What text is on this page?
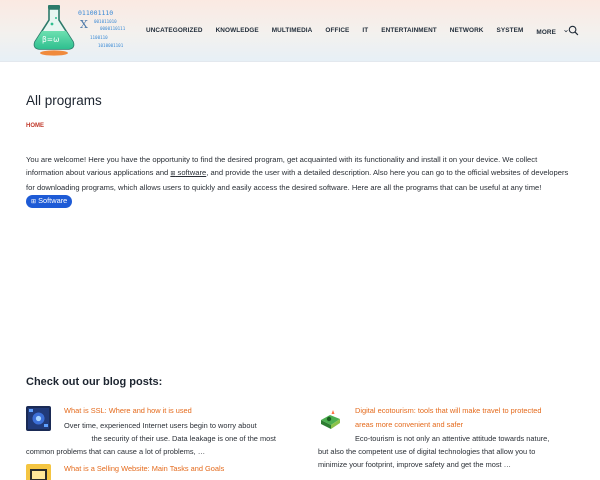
β=ω
X
011001110
001011010
0000110111
1100110
1010001101
UNCATEGORIZED KNOWLEDGE MULTIMEDIA OFFICE IT ENTERTAINMENT NETWORK SYSTEM MORE
All programs
HOME

You are welcome! Here you have the opportunity to find the desired program, get acquainted with its functionality and install it on your device. We collect information about various applications and ⊞ software, and provide the user with a detailed description. Also here you can go to the official websites of developers for downloading programs, which allows users to quickly and easily access the desired software. Here are all the programs that can be useful at any time!⊞ Software

Check out our blog posts:
What is SSL: Where and how it is used
Over time, experienced Internet users begin to worry about
the security of their use. Data leakage is one of the most
common problems that can cause a lot of problems, …
Digital ecotourism: tools that will make travel to protected
areas more convenient and safer
Eco-tourism is not only an attentive attitude towards nature,
but also the competent use of digital technologies that allow you to
minimize your footprint, improve safety and get the most …
What is a Selling Website: Main Tasks and Goals
